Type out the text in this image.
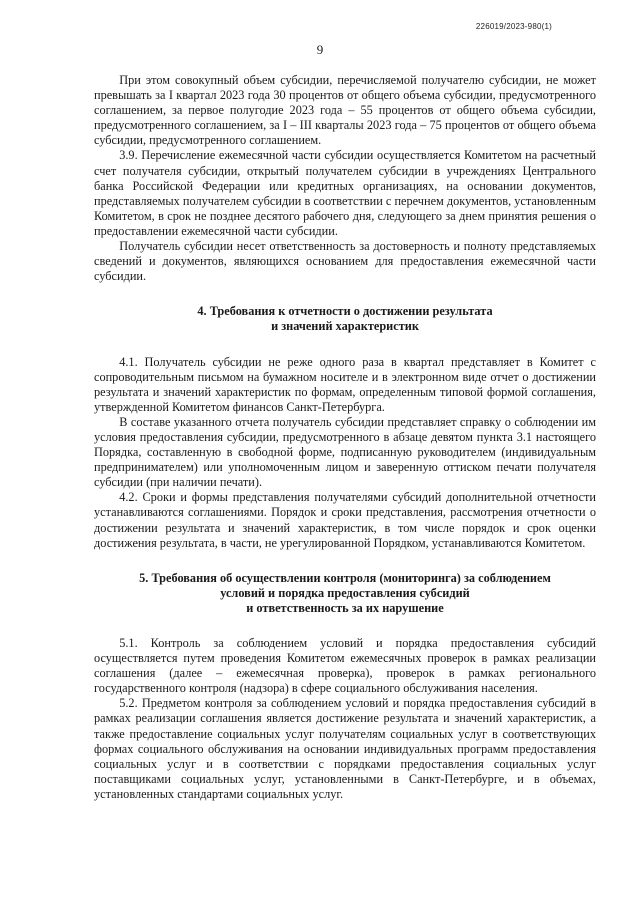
226019/2023-980(1)
9

При этом совокупный объем субсидии, перечисляемой получателю субсидии, не может превышать за I квартал 2023 года 30 процентов от общего объема субсидии, предусмотренного соглашением, за первое полугодие 2023 года – 55 процентов от общего объема субсидии, предусмотренного соглашением, за I – III кварталы 2023 года – 75 процентов от общего объема субсидии, предусмотренного соглашением.

3.9. Перечисление ежемесячной части субсидии осуществляется Комитетом на расчетный счет получателя субсидии, открытый получателем субсидии в учреждениях Центрального банка Российской Федерации или кредитных организациях, на основании документов, представляемых получателем субсидии в соответствии с перечнем документов, установленным Комитетом, в срок не позднее десятого рабочего дня, следующего за днем принятия решения о предоставлении ежемесячной части субсидии.

Получатель субсидии несет ответственность за достоверность и полноту представляемых сведений и документов, являющихся основанием для предоставления ежемесячной части субсидии.

4. Требования к отчетности о достижении результата
и значений характеристик

4.1. Получатель субсидии не реже одного раза в квартал представляет в Комитет с сопроводительным письмом на бумажном носителе и в электронном виде отчет о достижении результата и значений характеристик по формам, определенным типовой формой соглашения, утвержденной Комитетом финансов Санкт-Петербурга.

В составе указанного отчета получатель субсидии представляет справку о соблюдении им условия предоставления субсидии, предусмотренного в абзаце девятом пункта 3.1 настоящего Порядка, составленную в свободной форме, подписанную руководителем (индивидуальным предпринимателем) или уполномоченным лицом и заверенную оттиском печати получателя субсидии (при наличии печати).

4.2. Сроки и формы представления получателями субсидий дополнительной отчетности устанавливаются соглашениями. Порядок и сроки представления, рассмотрения отчетности о достижении результата и значений характеристик, в том числе порядок и срок оценки достижения результата, в части, не урегулированной Порядком, устанавливаются Комитетом.

5. Требования об осуществлении контроля (мониторинга) за соблюдением
условий и порядка предоставления субсидий
и ответственность за их нарушение

5.1. Контроль за соблюдением условий и порядка предоставления субсидий осуществляется путем проведения Комитетом ежемесячных проверок в рамках реализации соглашения (далее – ежемесячная проверка), проверок в рамках регионального государственного контроля (надзора) в сфере социального обслуживания населения.

5.2. Предметом контроля за соблюдением условий и порядка предоставления субсидий в рамках реализации соглашения является достижение результата и значений характеристик, а также предоставление социальных услуг получателям социальных услуг в соответствующих формах социального обслуживания на основании индивидуальных программ предоставления социальных услуг и в соответствии с порядками предоставления социальных услуг поставщиками социальных услуг, установленными в Санкт-Петербурге, и в объемах, установленных стандартами социальных услуг.
